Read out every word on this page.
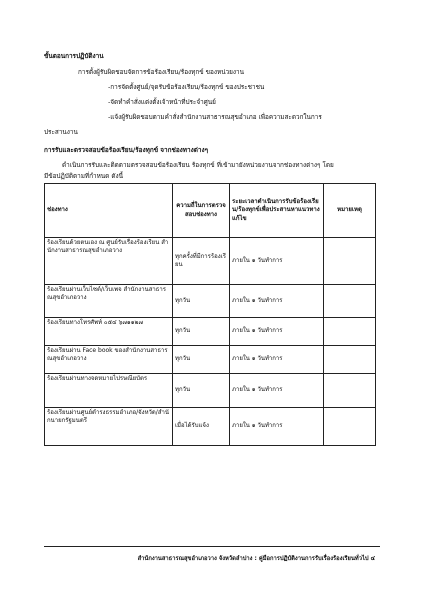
ขั้นตอนการปฏิบัติงาน
การตั้งผู้รับผิดชอบจัดการข้อร้องเรียน/ร้องทุกข์ ของหน่วยงาน
-การจัดตั้งศูนย์/จุดรับข้อร้องเรียน/ร้องทุกข์ ของประชาชน
-จัดทำคำสั่งแต่งตั้งเจ้าหน้าที่ประจำศูนย์
-แจ้งผู้รับผิดชอบตามคำสั่งสำนักงานสาธารณสุขอำเภอ เพื่อความสะดวกในการ
ประสานงาน
การรับและตรวจสอบข้อร้องเรียน/ร้องทุกข์ จากช่องทางต่างๆ
ดำเนินการรับและติดตามตรวจสอบข้อร้องเรียน ร้องทุกข์ ที่เข้ามายังหน่วยงานจากช่องทางต่างๆ โดย
มีข้อปฏิบัติตามที่กำหนด ดังนี้
ช่องทาง	ความถี่ในการตรวจสอบช่องทาง	ระยะเวลาดำเนินการรับข้อร้องเรียน/ร้องทุกข์เพื่อประสานหาแนวทางแก้ไข	หมายเหตุ
ร้องเรียนด้วยตนเอง ณ ศูนย์รับเรื่องร้องเรียน สำนักงานสาธารณสุขอำเภอวาง	ทุกครั้งที่มีการร้องเรียน	ภายใน ๑ วันทำการ	
ร้องเรียนผ่านเว็บไซต์/เว็บเพจ สำนักงานสาธารณสุขอำเภอวาง	ทุกวัน	ภายใน ๑ วันทำการ	
ร้องเรียนทางโทรศัพท์ ๐๕๔ ๖๗๑๑๒๗	ทุกวัน	ภายใน ๑ วันทำการ	
ร้องเรียนผ่าน Face book ของสำนักงานสาธารณสุขอำเภอวาง	ทุกวัน	ภายใน ๑ วันทำการ	
ร้องเรียนผ่านทางจดหมายไปรษณียบัตร	ทุกวัน	ภายใน ๑ วันทำการ	
ร้องเรียนผ่านศูนย์ดำรงธรรมอำเภอ/จังหวัด/สำนักนายกรัฐมนตรี	เมื่อได้รับแจ้ง	ภายใน ๑ วันทำการ	
สำนักงานสาธารณสุขอำเภอวาง จังหวัดลำปาง : คู่มือการปฏิบัติงานการรับเรื่องร้องเรียนทั่วไป ๔
